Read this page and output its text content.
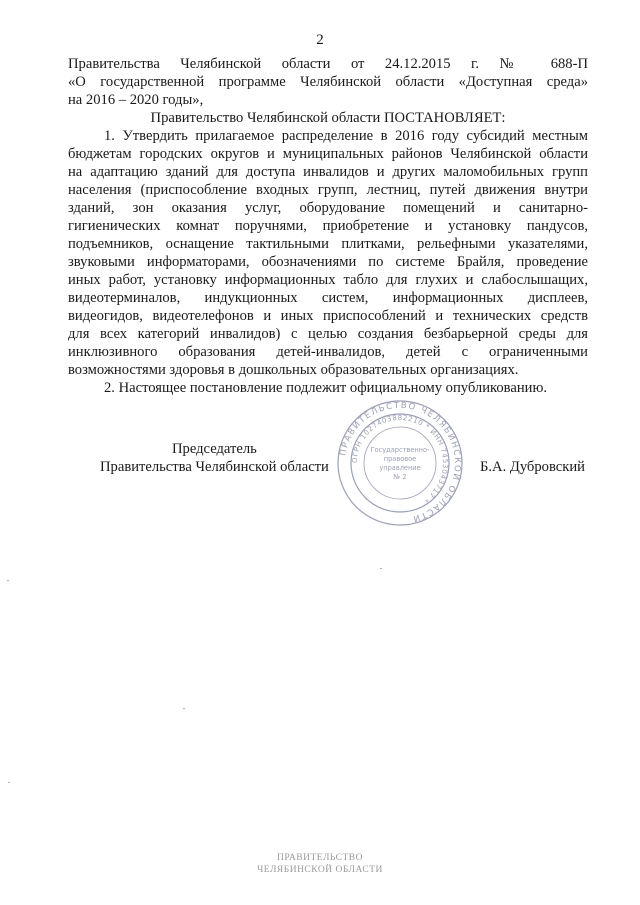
2
Правительства Челябинской области от 24.12.2015 г. № 688-П
«О государственной программе Челябинской области «Доступная среда»
на 2016 – 2020 годы»,
Правительство Челябинской области ПОСТАНОВЛЯЕТ:
1. Утвердить прилагаемое распределение в 2016 году субсидий местным
бюджетам городских округов и муниципальных районов Челябинской области
на адаптацию зданий для доступа инвалидов и других маломобильных групп
населения (приспособление входных групп, лестниц, путей движения внутри
зданий, зон оказания услуг, оборудование помещений и санитарно-
гигиенических комнат поручнями, приобретение и установку пандусов,
подъемников, оснащение тактильными плитками, рельефными указателями,
звуковыми информаторами, обозначениями по системе Брайля, проведение
иных работ, установку информационных табло для глухих и слабослышащих,
видеотерминалов, индукционных систем, информационных дисплеев,
видеогидов, видеотелефонов и иных приспособлений и технических средств
для всех категорий инвалидов) с целью создания безбарьерной среды для
инклюзивного образования детей-инвалидов, детей с ограниченными
возможностями здоровья в дошкольных образовательных организациях.
2. Настоящее постановление подлежит официальному опубликованию.
Председатель
Правительства Челябинской области
ПРАВИТЕЛЬСТВО ЧЕЛЯБИНСКОЙ ОБЛАСТИ
ОГРН 1027403882210 * ИНН 7453043717 *
Государственно-
правовое
управление
№ 2
Б.А. Дубровский
ПРАВИТЕЛЬСТВО
ЧЕЛЯБИНСКОЙ ОБЛАСТИ
